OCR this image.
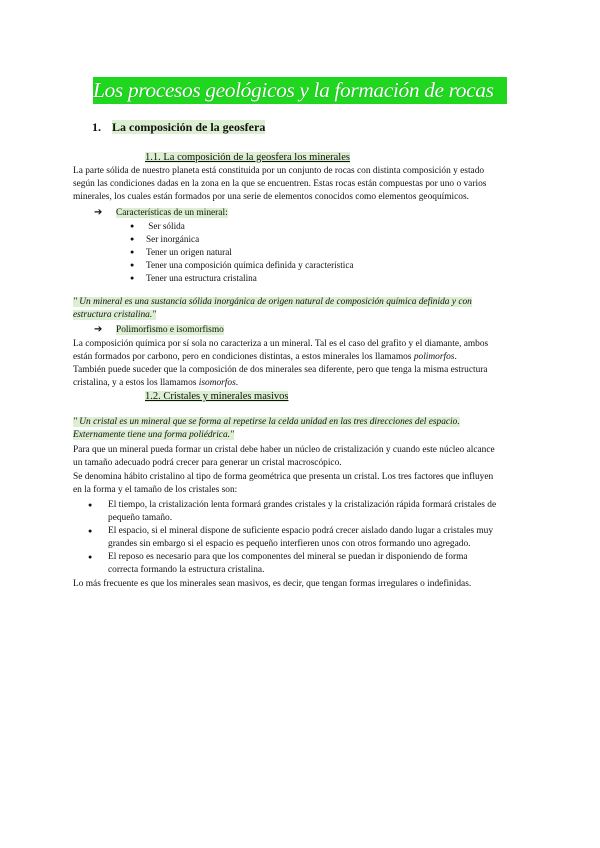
Los procesos geológicos y la formación de rocas
1. La composición de la geosfera
1.1. La composición de la geosfera los minerales
La parte sólida de nuestro planeta está constituida por un conjunto de rocas con distinta composición y estado
según las condiciones dadas en la zona en la que se encuentren. Estas rocas están compuestas por uno o varios
minerales, los cuales están formados por una serie de elementos conocidos como elementos geoquímicos.
➔ Características de un mineral:
● Ser sólida
● Ser inorgánica
● Tener un origen natural
● Tener una composición química definida y característica
● Tener una estructura cristalina
" Un mineral es una sustancia sólida inorgánica de origen natural de composición química definida y con
estructura cristalina."
➔ Polimorfismo e isomorfismo
La composición química por sí sola no caracteriza a un mineral. Tal es el caso del grafito y el diamante, ambos
están formados por carbono, pero en condiciones distintas, a estos minerales los llamamos polimorfos.
También puede suceder que la composición de dos minerales sea diferente, pero que tenga la misma estructura
cristalina, y a estos los llamamos isomorfos.
1.2. Cristales y minerales masivos
" Un cristal es un mineral que se forma al repetirse la celda unidad en las tres direcciones del espacio.
Externamente tiene una forma poliédrica."
Para que un mineral pueda formar un cristal debe haber un núcleo de cristalización y cuando este núcleo alcance
un tamaño adecuado podrá crecer para generar un cristal macroscópico.
Se denomina hábito cristalino al tipo de forma geométrica que presenta un cristal. Los tres factores que influyen
en la forma y el tamaño de los cristales son:
● El tiempo, la cristalización lenta formará grandes cristales y la cristalización rápida formará cristales de
pequeño tamaño.
● El espacio, si el mineral dispone de suficiente espacio podrá crecer aislado dando lugar a cristales muy
grandes sin embargo si el espacio es pequeño interfieren unos con otros formando uno agregado.
● El reposo es necesario para que los componentes del mineral se puedan ir disponiendo de forma
correcta formando la estructura cristalina.
Lo más frecuente es que los minerales sean masivos, es decir, que tengan formas irregulares o indefinidas.
